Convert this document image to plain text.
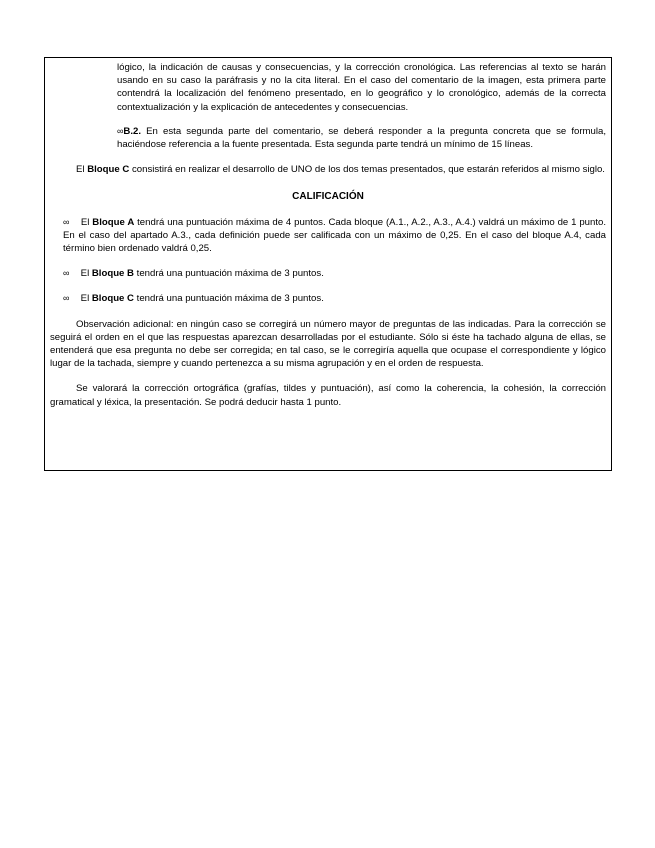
lógico, la indicación de causas y consecuencias, y la corrección cronológica. Las referencias al texto se harán usando en su caso la paráfrasis y no la cita literal. En el caso del comentario de la imagen, esta primera parte contendrá la localización del fenómeno presentado, en lo geográfico y lo cronológico, además de la correcta contextualización y la explicación de antecedentes y consecuencias.

∞B.2. En esta segunda parte del comentario, se deberá responder a la pregunta concreta que se formula, haciéndose referencia a la fuente presentada. Esta segunda parte tendrá un mínimo de 15 líneas.

El Bloque C consistirá en realizar el desarrollo de UNO de los dos temas presentados, que estarán referidos al mismo siglo.

CALIFICACIÓN

∞ El Bloque A tendrá una puntuación máxima de 4 puntos. Cada bloque (A.1., A.2., A.3., A.4.) valdrá un máximo de 1 punto. En el caso del apartado A.3., cada definición puede ser calificada con un máximo de 0,25. En el caso del bloque A.4, cada término bien ordenado valdrá 0,25.

∞ El Bloque B tendrá una puntuación máxima de 3 puntos.

∞ El Bloque C tendrá una puntuación máxima de 3 puntos.

Observación adicional: en ningún caso se corregirá un número mayor de preguntas de las indicadas. Para la corrección se seguirá el orden en el que las respuestas aparezcan desarrolladas por el estudiante. Sólo si éste ha tachado alguna de ellas, se entenderá que esa pregunta no debe ser corregida; en tal caso, se le corregiría aquella que ocupase el correspondiente y lógico lugar de la tachada, siempre y cuando pertenezca a su misma agrupación y en el orden de respuesta.

Se valorará la corrección ortográfica (grafías, tildes y puntuación), así como la coherencia, la cohesión, la corrección gramatical y léxica, la presentación. Se podrá deducir hasta 1 punto.
